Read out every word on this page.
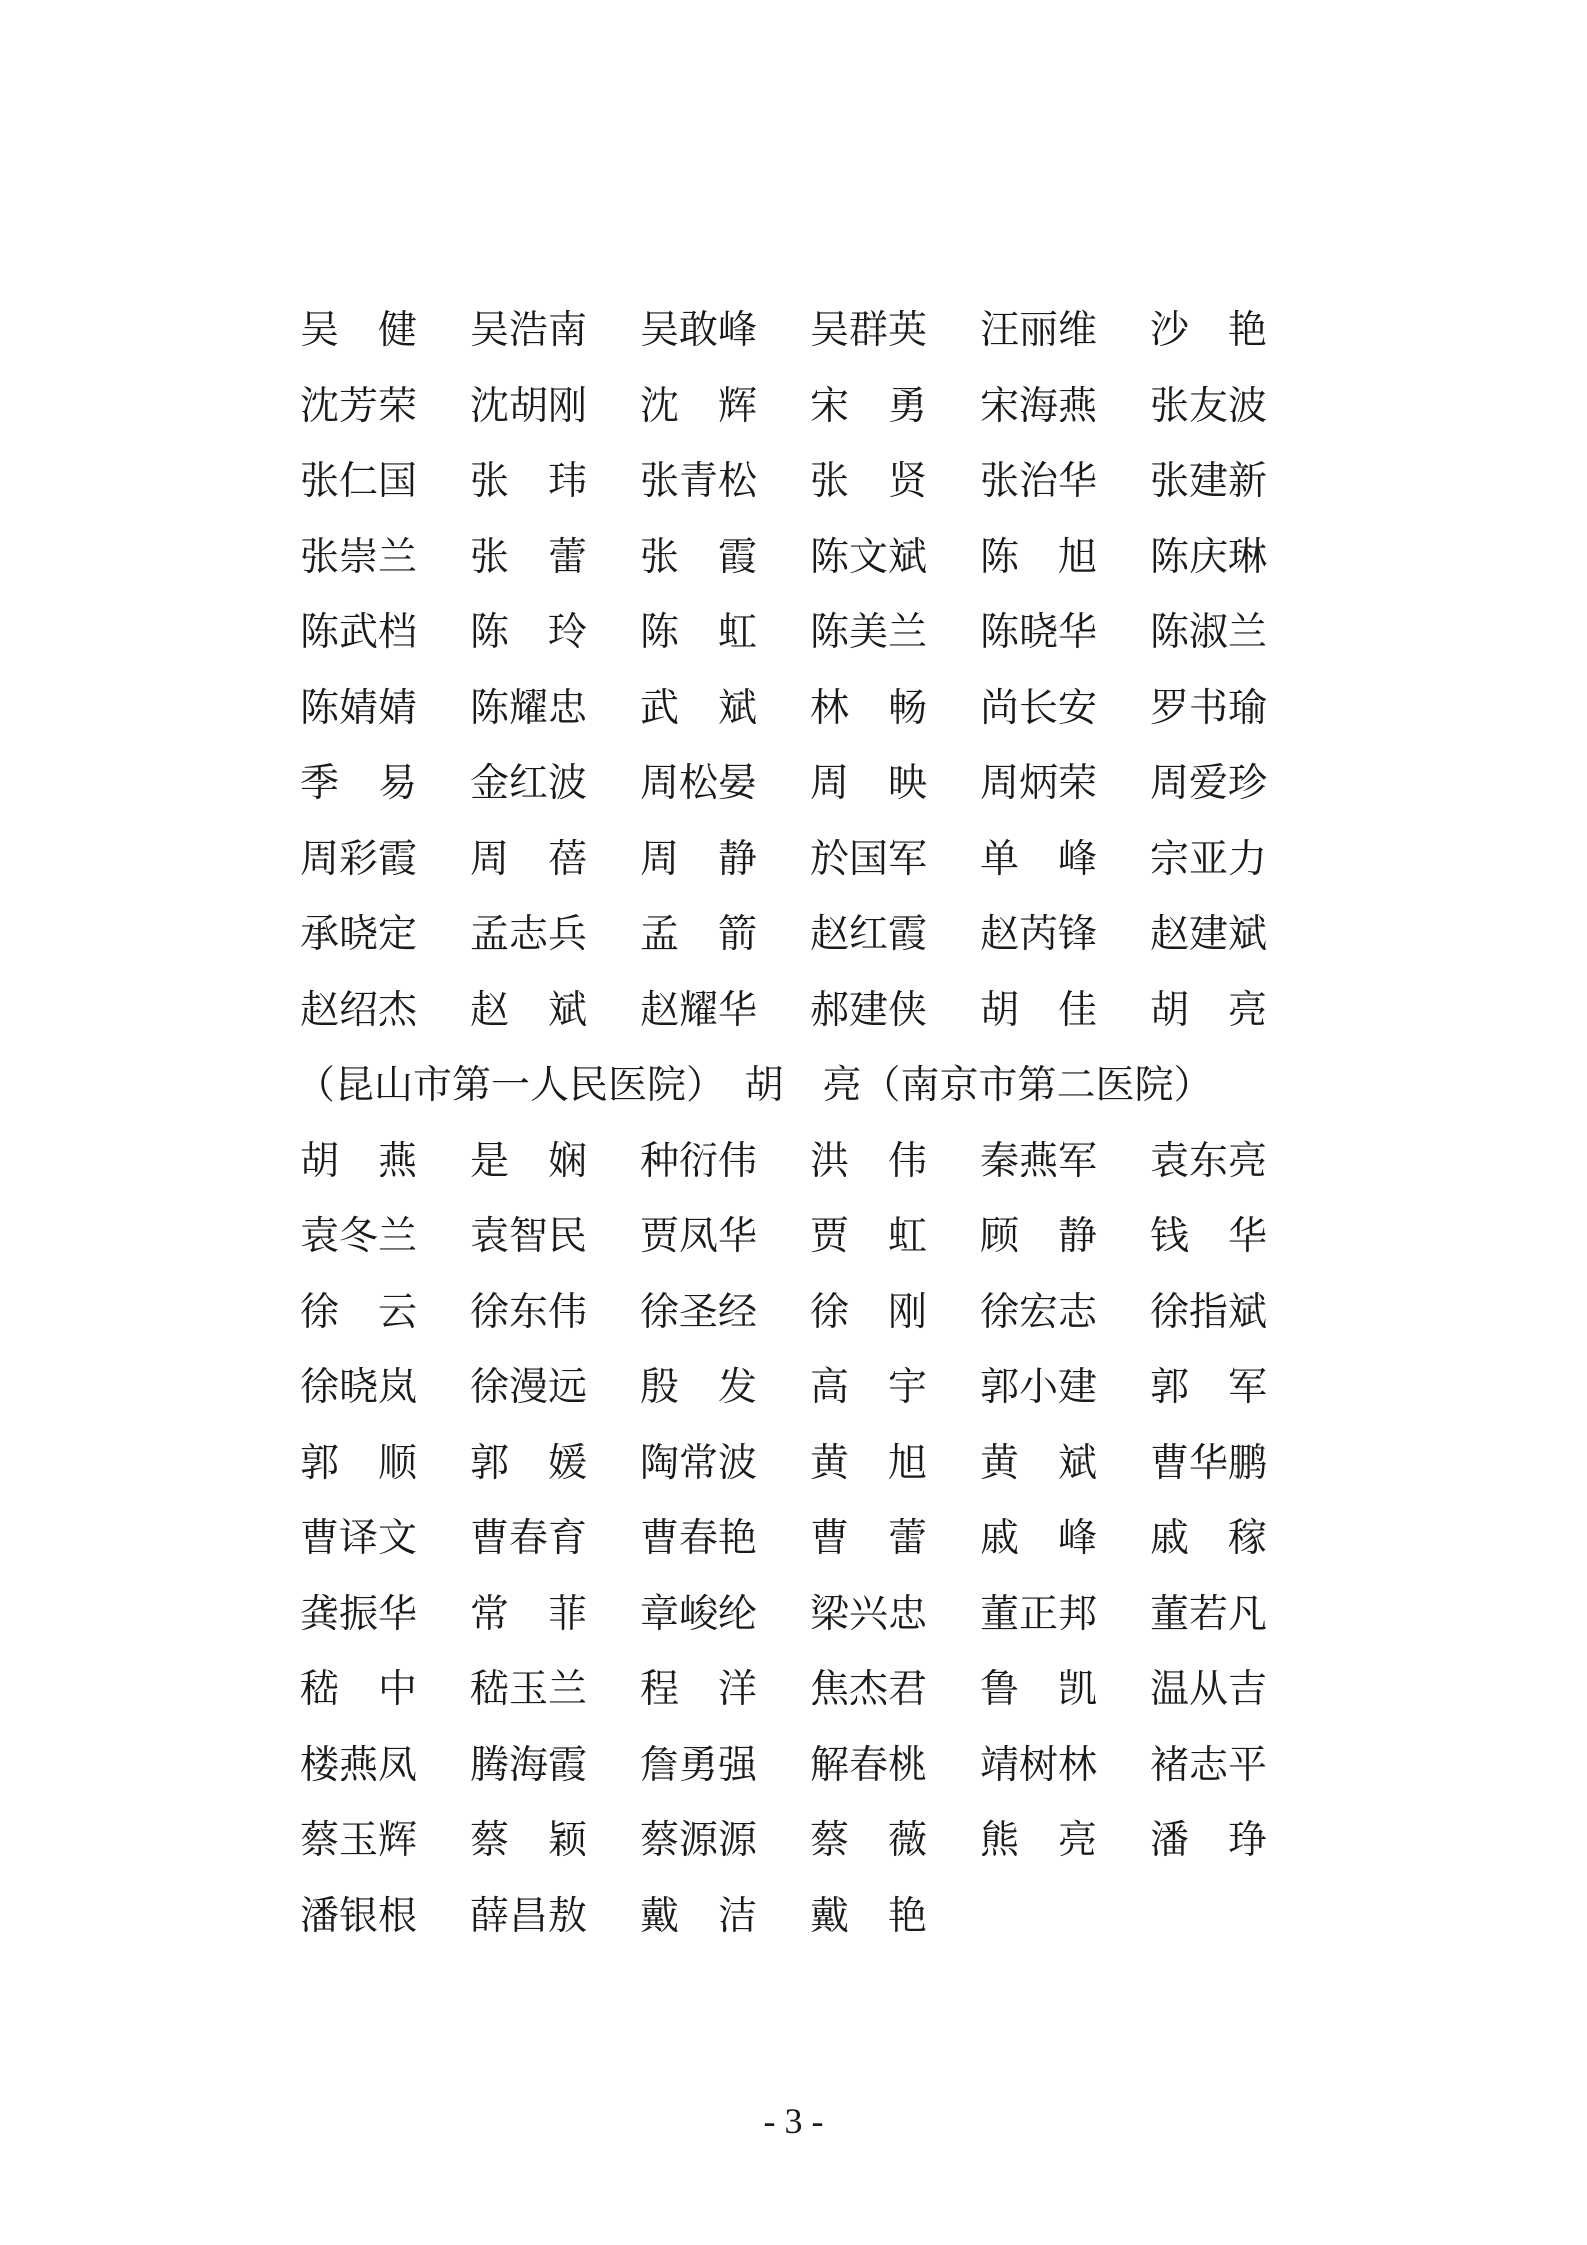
吴　健	吴浩南	吴敢峰	吴群英	汪丽维	沙　艳
沈芳荣	沈胡刚	沈　辉	宋　勇	宋海燕	张友波
张仁国	张　玮	张青松	张　贤	张治华	张建新
张崇兰	张　蕾	张　霞	陈文斌	陈　旭	陈庆琳
陈武档	陈　玲	陈　虹	陈美兰	陈晓华	陈淑兰
陈婧婧	陈耀忠	武　斌	林　畅	尚长安	罗书瑜
季　易	金红波	周松晏	周　映	周炳荣	周爱珍
周彩霞	周　蓓	周　静	於国军	单　峰	宗亚力
承晓定	孟志兵	孟　箭	赵红霞	赵芮锋	赵建斌
赵绍杰	赵　斌	赵耀华	郝建侠	胡　佳	胡　亮
（昆山市第一人民医院）　胡　亮（南京市第二医院）
胡　燕	是　娴	种衍伟	洪　伟	秦燕军	袁东亮
袁冬兰	袁智民	贾凤华	贾　虹	顾　静	钱　华
徐　云	徐东伟	徐圣经	徐　刚	徐宏志	徐指斌
徐晓岚	徐漫远	殷　发	高　宇	郭小建	郭　军
郭　顺	郭　媛	陶常波	黄　旭	黄　斌	曹华鹏
曹译文	曹春育	曹春艳	曹　蕾	戚　峰	戚　稼
龚振华	常　菲	章峻纶	梁兴忠	董正邦	董若凡
嵇　中	嵇玉兰	程　洋	焦杰君	鲁　凯	温从吉
楼燕凤	腾海霞	詹勇强	解春桃	靖树林	褚志平
蔡玉辉	蔡　颖	蔡源源	蔡　薇	熊　亮	潘　琤
潘银根	薛昌敖	戴　洁	戴　艳
- 3 -
